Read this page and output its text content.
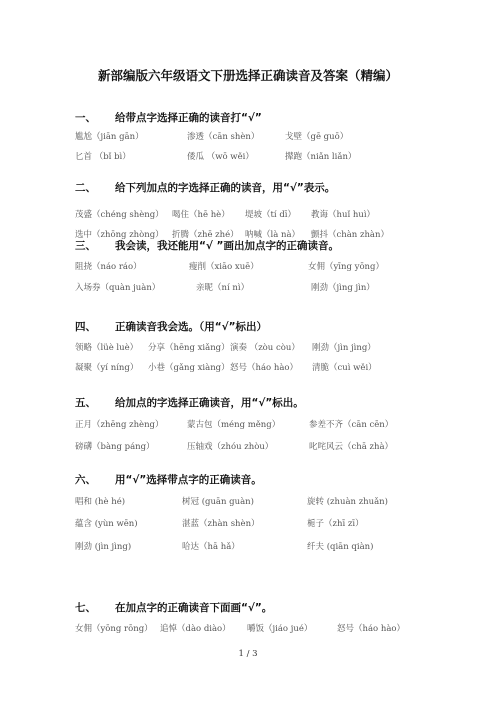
新部编版六年级语文下册选择正确读音及答案（精编）
一、 给带点字选择正确的读音打“√”
尴尬（jiān gān）	渗透（cān shèn）	戈壁（gē guō）
匕首 （bǐ bì）	倭瓜 （wō wěi）	撵跑（niǎn liǎn）
二、 给下列加点的字选择正确的读音，用“√”表示。
茂盛（chéng shèng） 喝住（hē hè） 堤坡（tí dī） 教诲（huǐ huì）
选中（zhōng zhòng） 折腾（zhē zhé） 呐喊（là nà） 颤抖（chàn zhàn）
三、 我会读，我还能用“√ ”画出加点字的正确读音。
阻挠（náo ráo）	瘦削（xiāo xuē）	女佣（yīng yōng）
入场券（quàn juàn）	亲昵（ní nì）	刚劲（jìng jìn）
四、 正确读音我会选。（用“√”标出）
领略（lüè luè） 分享（hēng xiǎng） 演奏 （zòu còu） 刚劲（jìn jìng）
凝聚（yí níng） 小巷（gǎng xiàng） 怒号（háo hào） 清脆（cuì wěi）
五、 给加点的字选择正确读音，用“√”标出。
正月（zhēng zhèng）	蒙古包（méng měng）	参差不齐（cān cēn）
磅礴（bàng páng）	压轴戏（zhóu zhòu）	叱咤风云（chā zhà）
六、 用“√”选择带点字的正确读音。
唱和 (hè hé)	树冠 (guān guàn)	旋转 (zhuàn zhuǎn)
蕴含 (yùn wēn)	湛蓝（zhàn shèn）	栀子（zhī zī）
刚劲 (jìn jìng)	哈达（hā hǎ）	纤夫 (qiān qiàn)
七、 在加点字的正确读音下面画“√”。
女佣（yōng rōng） 追悼（dào diào） 嚼饭（jiáo jué）	怒号（háo hào）
1 / 3
